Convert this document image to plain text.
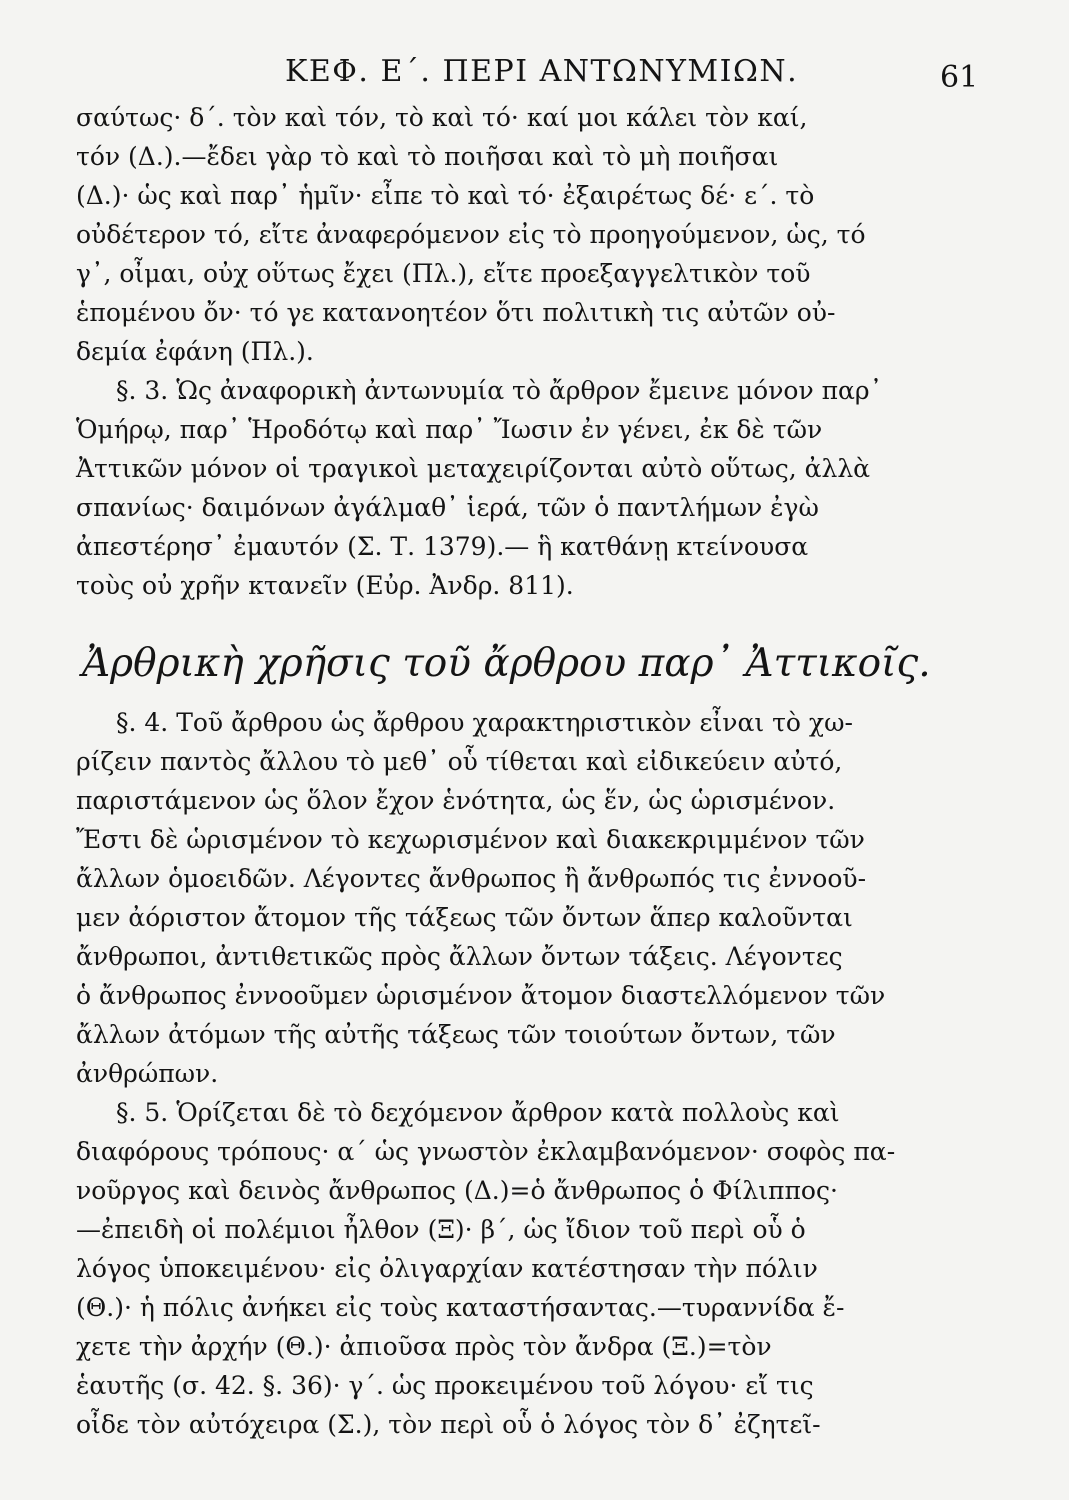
ΚΕΦ. Ε΄. ΠΕΡΙ ΑΝΤΩΝΥΜΙΩΝ.	61
σαύτως· δ΄. τὸν καὶ τόν, τὸ καὶ τό· καί μοι κάλει τὸν καί,
τόν (Δ.).—ἔδει γὰρ τὸ καὶ τὸ ποιῆσαι καὶ τὸ μὴ ποιῆσαι
(Δ.)· ὡς καὶ παρ᾽ ἡμῖν· εἶπε τὸ καὶ τό· ἐξαιρέτως δέ· ε΄. τὸ
οὐδέτερον τό, εἴτε ἀναφερόμενον εἰς τὸ προηγούμενον, ὡς, τό
γ᾽, οἶμαι, οὐχ οὕτως ἔχει (Πλ.), εἴτε προεξαγγελτικὸν τοῦ
ἑπομένου ὄν· τό γε κατανοητέον ὅτι πολιτικὴ τις αὐτῶν οὐ-
δεμία ἐφάνη (Πλ.).
§. 3. Ὡς ἀναφορικὴ ἀντωνυμία τὸ ἄρθρον ἔμεινε μόνον παρ᾽
Ὁμήρῳ, παρ᾽ Ἡροδότῳ καὶ παρ᾽ Ἴωσιν ἐν γένει, ἐκ δὲ τῶν
Ἀττικῶν μόνον οἱ τραγικοὶ μεταχειρίζονται αὐτὸ οὕτως, ἀλλὰ
σπανίως· δαιμόνων ἀγάλμαθ᾽ ἱερά, τῶν ὁ παντλήμων ἐγὼ
ἀπεστέρησ᾽ ἐμαυτόν (Σ. Τ. 1379).— ἣ κατθάνῃ κτείνουσα
τοὺς οὐ χρῆν κτανεῖν (Εὐρ. Ἀνδρ. 811).
Ἀρθρικὴ χρῆσις τοῦ ἄρθρου παρ᾽ Ἀττικοῖς.
§. 4. Τοῦ ἄρθρου ὡς ἄρθρου χαρακτηριστικὸν εἶναι τὸ χω-
ρίζειν παντὸς ἄλλου τὸ μεθ᾽ οὗ τίθεται καὶ εἰδικεύειν αὐτό,
παριστάμενον ὡς ὅλον ἔχον ἑνότητα, ὡς ἕν, ὡς ὡρισμένον.
Ἔστι δὲ ὡρισμένον τὸ κεχωρισμένον καὶ διακεκριμμένον τῶν
ἄλλων ὁμοειδῶν. Λέγοντες ἄνθρωπος ἢ ἄνθρωπός τις ἐννοοῦ-
μεν ἀόριστον ἄτομον τῆς τάξεως τῶν ὄντων ἅπερ καλοῦνται
ἄνθρωποι, ἀντιθετικῶς πρὸς ἄλλων ὄντων τάξεις. Λέγοντες
ὁ ἄνθρωπος ἐννοοῦμεν ὡρισμένον ἄτομον διαστελλόμενον τῶν
ἄλλων ἀτόμων τῆς αὐτῆς τάξεως τῶν τοιούτων ὄντων, τῶν
ἀνθρώπων.
§. 5. Ὁρίζεται δὲ τὸ δεχόμενον ἄρθρον κατὰ πολλοὺς καὶ
διαφόρους τρόπους· α΄ ὡς γνωστὸν ἐκλαμβανόμενον· σοφὸς πα-
νοῦργος καὶ δεινὸς ἄνθρωπος (Δ.)=ὁ ἄνθρωπος ὁ Φίλιππος·
—ἐπειδὴ οἱ πολέμιοι ἦλθον (Ξ)· β΄, ὡς ἴδιον τοῦ περὶ οὗ ὁ
λόγος ὑποκειμένου· εἰς ὀλιγαρχίαν κατέστησαν τὴν πόλιν
(Θ.)· ἡ πόλις ἀνήκει εἰς τοὺς καταστήσαντας.—τυραννίδα ἔ-
χετε τὴν ἀρχήν (Θ.)· ἀπιοῦσα πρὸς τὸν ἄνδρα (Ξ.)=τὸν
ἑαυτῆς (σ. 42. §. 36)· γ΄. ὡς προκειμένου τοῦ λόγου· εἴ τις
οἶδε τὸν αὐτόχειρα (Σ.), τὸν περὶ οὗ ὁ λόγος τὸν δ᾽ ἐζητεῖ-
